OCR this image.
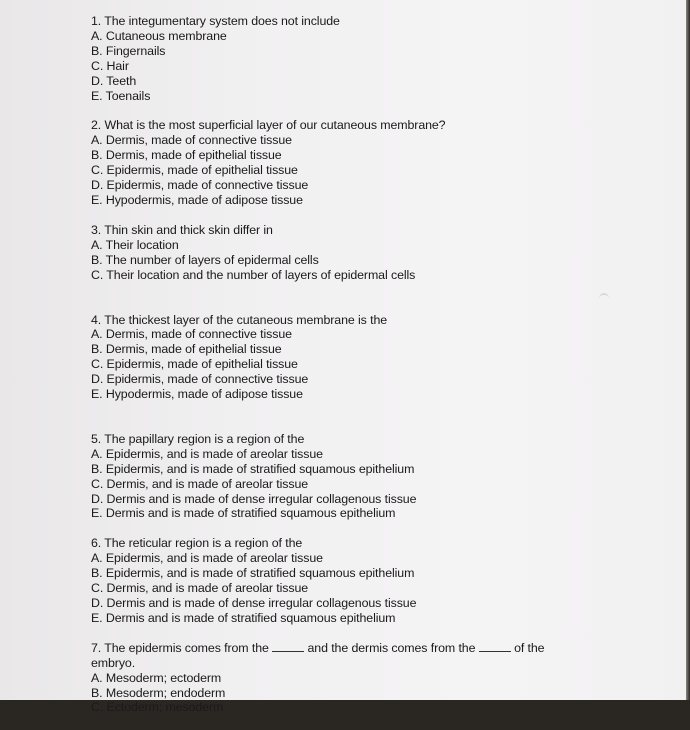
1. The integumentary system does not include
A. Cutaneous membrane
B. Fingernails
C. Hair
D. Teeth
E. Toenails
2. What is the most superficial layer of our cutaneous membrane?
A. Dermis, made of connective tissue
B. Dermis, made of epithelial tissue
C. Epidermis, made of epithelial tissue
D. Epidermis, made of connective tissue
E. Hypodermis, made of adipose tissue
3. Thin skin and thick skin differ in
A. Their location
B. The number of layers of epidermal cells
C. Their location and the number of layers of epidermal cells
4. The thickest layer of the cutaneous membrane is the
A. Dermis, made of connective tissue
B. Dermis, made of epithelial tissue
C. Epidermis, made of epithelial tissue
D. Epidermis, made of connective tissue
E. Hypodermis, made of adipose tissue
5. The papillary region is a region of the
A. Epidermis, and is made of areolar tissue
B. Epidermis, and is made of stratified squamous epithelium
C. Dermis, and is made of areolar tissue
D. Dermis and is made of dense irregular collagenous tissue
E. Dermis and is made of stratified squamous epithelium
6. The reticular region is a region of the
A. Epidermis, and is made of areolar tissue
B. Epidermis, and is made of stratified squamous epithelium
C. Dermis, and is made of areolar tissue
D. Dermis and is made of dense irregular collagenous tissue
E. Dermis and is made of stratified squamous epithelium
7. The epidermis comes from the	and the dermis comes from the	of the
embryo.
A. Mesoderm; ectoderm
B. Mesoderm; endoderm
C. Ectoderm; mesoderm
